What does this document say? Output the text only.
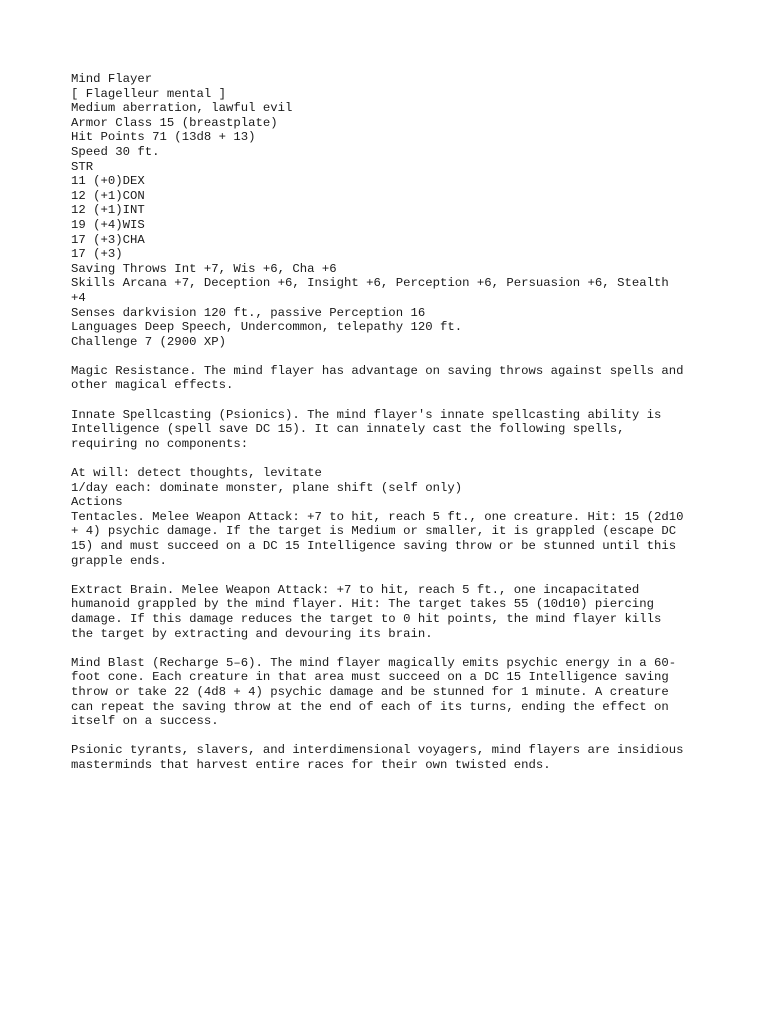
Mind Flayer
[ Flagelleur mental ]
Medium aberration, lawful evil
Armor Class 15 (breastplate)
Hit Points 71 (13d8 + 13)
Speed 30 ft.
STR
11 (+0)DEX
12 (+1)CON
12 (+1)INT
19 (+4)WIS
17 (+3)CHA
17 (+3)
Saving Throws Int +7, Wis +6, Cha +6
Skills Arcana +7, Deception +6, Insight +6, Perception +6, Persuasion +6, Stealth
+4
Senses darkvision 120 ft., passive Perception 16
Languages Deep Speech, Undercommon, telepathy 120 ft.
Challenge 7 (2900 XP)
Magic Resistance. The mind flayer has advantage on saving throws against spells and
other magical effects.
Innate Spellcasting (Psionics). The mind flayer's innate spellcasting ability is
Intelligence (spell save DC 15). It can innately cast the following spells,
requiring no components:
At will: detect thoughts, levitate
1/day each: dominate monster, plane shift (self only)
Actions
Tentacles. Melee Weapon Attack: +7 to hit, reach 5 ft., one creature. Hit: 15 (2d10
+ 4) psychic damage. If the target is Medium or smaller, it is grappled (escape DC
15) and must succeed on a DC 15 Intelligence saving throw or be stunned until this
grapple ends.
Extract Brain. Melee Weapon Attack: +7 to hit, reach 5 ft., one incapacitated
humanoid grappled by the mind flayer. Hit: The target takes 55 (10d10) piercing
damage. If this damage reduces the target to 0 hit points, the mind flayer kills
the target by extracting and devouring its brain.
Mind Blast (Recharge 5–6). The mind flayer magically emits psychic energy in a 60-
foot cone. Each creature in that area must succeed on a DC 15 Intelligence saving
throw or take 22 (4d8 + 4) psychic damage and be stunned for 1 minute. A creature
can repeat the saving throw at the end of each of its turns, ending the effect on
itself on a success.
Psionic tyrants, slavers, and interdimensional voyagers, mind flayers are insidious
masterminds that harvest entire races for their own twisted ends.
